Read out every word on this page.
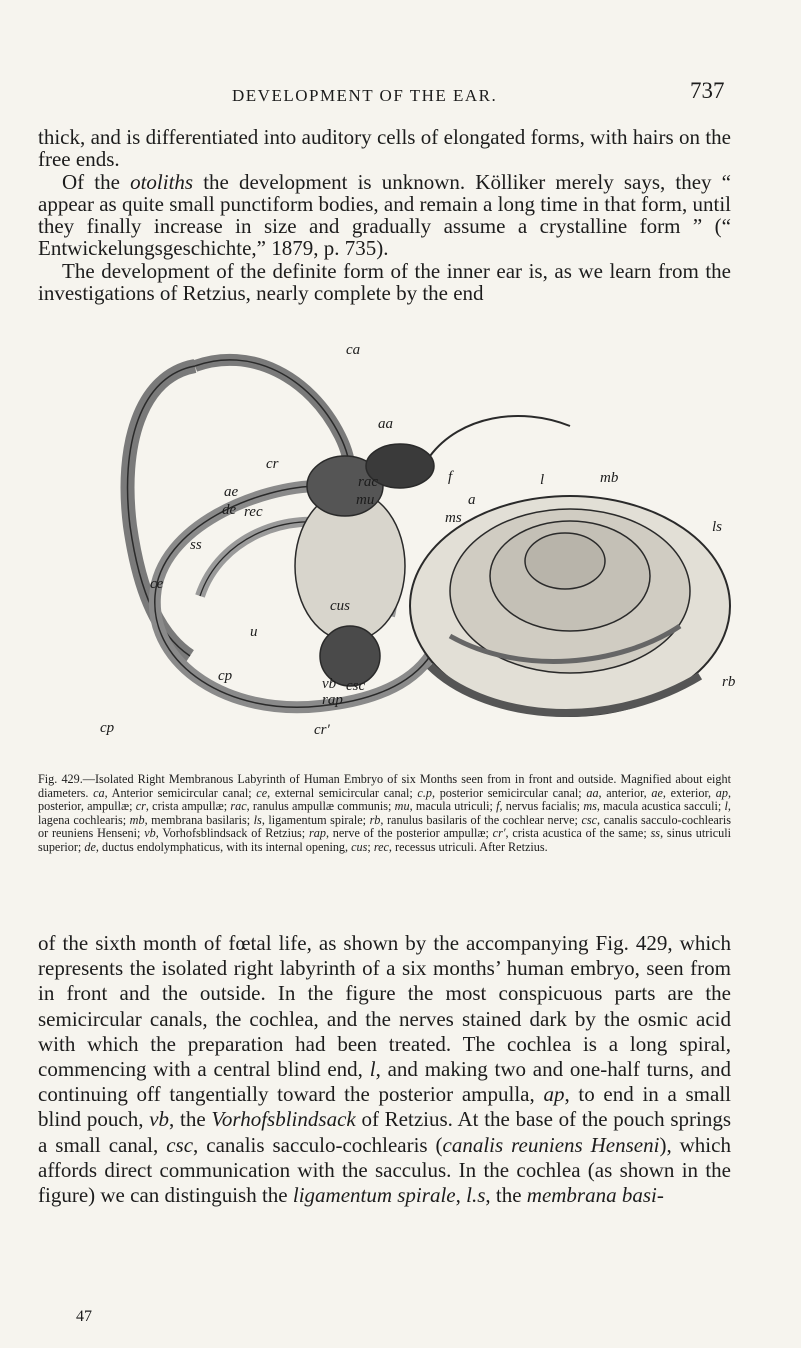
DEVELOPMENT OF THE EAR.	737

thick, and is differentiated into auditory cells of elongated forms, with hairs on the free ends.

Of the otoliths the development is unknown. Kölliker merely says, they “ appear as quite small punctiform bodies, and remain a long time in that form, until they finally increase in size and gradually assume a crystalline form ” (“ Entwickelungsgeschichte,” 1879, p. 735).

The development of the definite form of the inner ear is, as we learn from the investigations of Retzius, nearly complete by the end

ca
aa
cr
rac
mu
f	l	mb
ls
ae
de rec
a
ms
ss
ce
cus
u
cp	vb csc
rap
cp	cr′
rb

Fig. 429.—Isolated Right Membranous Labyrinth of Human Embryo of six Months seen from in front and outside. Magnified about eight diameters. ca, Anterior semicircular canal; ce, external semicircular canal; c.p, posterior semicircular canal; aa, anterior, ae, exterior, ap, posterior, ampullæ; cr, crista ampullæ; rac, ranulus ampullæ communis; mu, macula utriculi; f, nervus facialis; ms, macula acustica sacculi; l, lagena cochlearis; mb, membrana basilaris; ls, ligamentum spirale; rb, ranulus basilaris of the cochlear nerve; csc, canalis sacculo-cochlearis or reuniens Henseni; vb, Vorhofsblindsack of Retzius; rap, nerve of the posterior ampullæ; cr′, crista acustica of the same; ss, sinus utriculi superior; de, ductus endolymphaticus, with its internal opening, cus; rec, recessus utriculi. After Retzius.

of the sixth month of fœtal life, as shown by the accompanying Fig. 429, which represents the isolated right labyrinth of a six months’ human embryo, seen from in front and the outside. In the figure the most conspicuous parts are the semicircular canals, the cochlea, and the nerves stained dark by the osmic acid with which the preparation had been treated. The cochlea is a long spiral, commencing with a central blind end, l, and making two and one-half turns, and continuing off tangentially toward the posterior ampulla, ap, to end in a small blind pouch, vb, the Vorhofsblindsack of Retzius. At the base of the pouch springs a small canal, csc, canalis sacculo-cochlearis (canalis reuniens Henseni), which affords direct communication with the sacculus. In the cochlea (as shown in the figure) we can distinguish the ligamentum spirale, l.s, the membrana basi-

47
